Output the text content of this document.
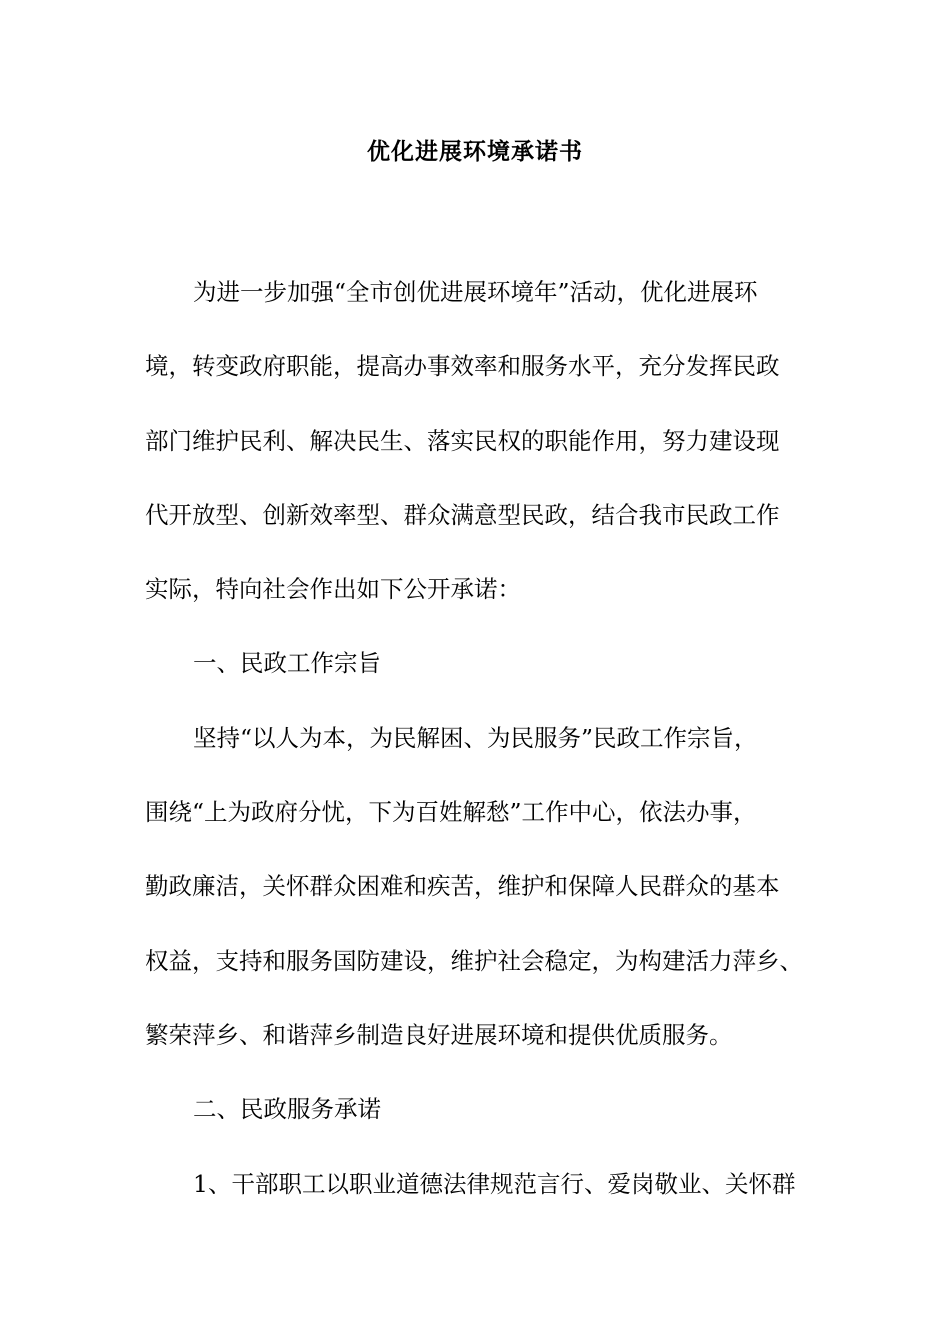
优化进展环境承诺书
为进一步加强“全市创优进展环境年”活动，优化进展环
境，转变政府职能，提高办事效率和服务水平，充分发挥民政
部门维护民利、解决民生、落实民权的职能作用，努力建设现
代开放型、创新效率型、群众满意型民政，结合我市民政工作
实际，特向社会作出如下公开承诺：
一、民政工作宗旨
坚持“以人为本，为民解困、为民服务”民政工作宗旨，
围绕“上为政府分忧，下为百姓解愁”工作中心，依法办事，
勤政廉洁，关怀群众困难和疾苦，维护和保障人民群众的基本
权益，支持和服务国防建设，维护社会稳定，为构建活力萍乡、
繁荣萍乡、和谐萍乡制造良好进展环境和提供优质服务。
二、民政服务承诺
1、干部职工以职业道德法律规范言行、爱岗敬业、关怀群
